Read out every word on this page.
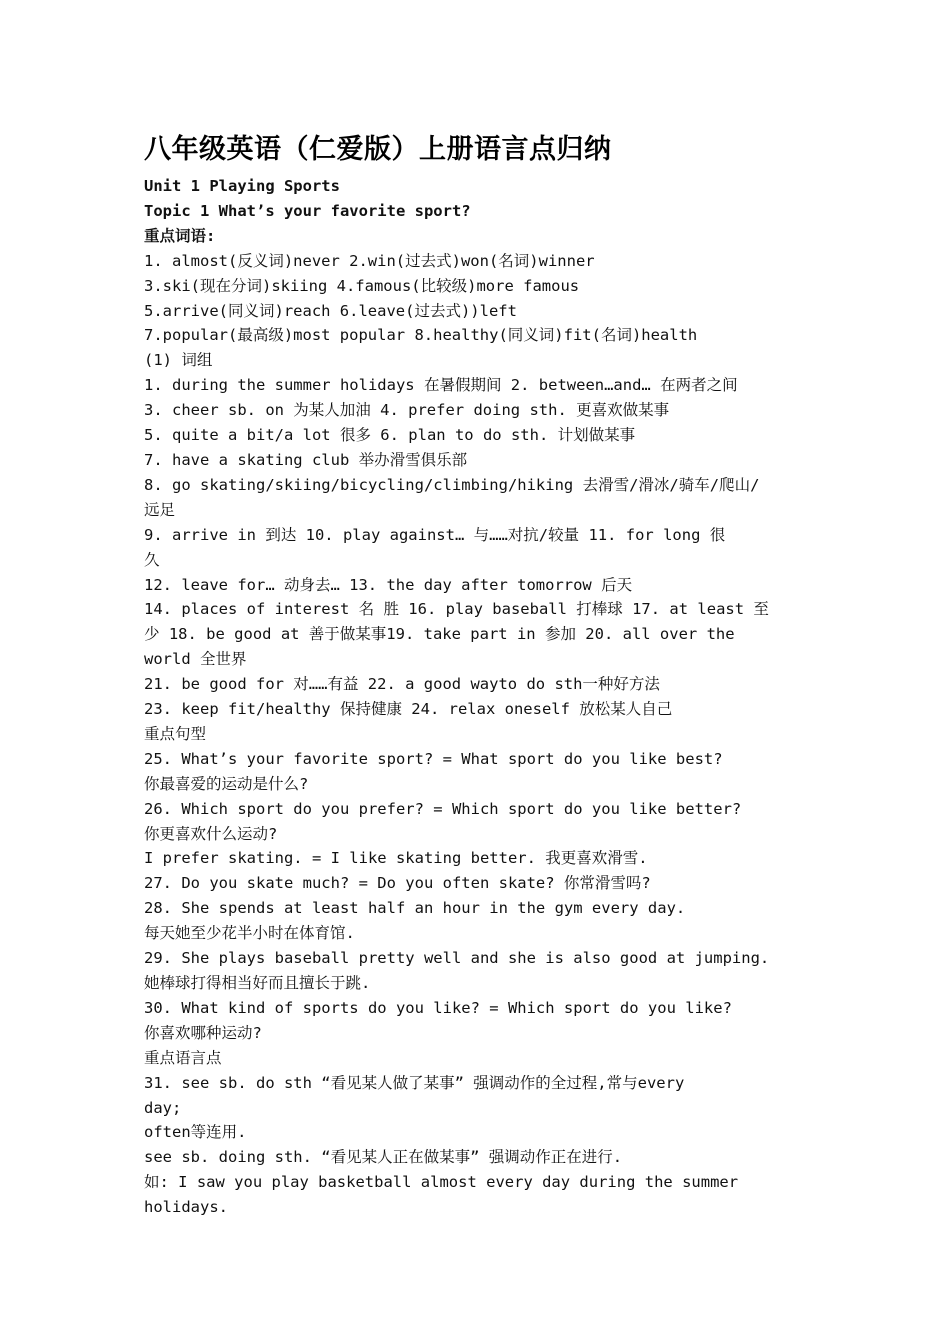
八年级英语（仁爱版）上册语言点归纳
Unit 1 Playing Sports
Topic 1 What’s your favorite sport?
重点词语:
1. almost(反义词)never 2.win(过去式)won(名词)winner
3.ski(现在分词)skiing 4.famous(比较级)more famous
5.arrive(同义词)reach 6.leave(过去式))left
7.popular(最高级)most popular 8.healthy(同义词)fit(名词)health
(1) 词组
1. during the summer holidays 在暑假期间 2. between…and… 在两者之间
3. cheer sb. on 为某人加油 4. prefer doing sth. 更喜欢做某事
5. quite a bit/a lot 很多 6. plan to do sth. 计划做某事
7. have a skating club 举办滑雪俱乐部
8. go skating/skiing/bicycling/climbing/hiking 去滑雪/滑冰/骑车/爬山/
远足
9. arrive in 到达 10. play against… 与……对抗/较量 11. for long 很
久
12. leave for… 动身去… 13. the day after tomorrow 后天
14. places of interest 名 胜 16. play baseball 打棒球 17. at least 至
少 18. be good at 善于做某事19. take part in 参加 20. all over the
world 全世界
21. be good for 对……有益 22. a good wayto do sth一种好方法
23. keep fit/healthy 保持健康 24. relax oneself 放松某人自己
重点句型
25. What’s your favorite sport? = What sport do you like best?
你最喜爱的运动是什么?
26. Which sport do you prefer? = Which sport do you like better?
你更喜欢什么运动?
I prefer skating. = I like skating better. 我更喜欢滑雪.
27. Do you skate much? = Do you often skate? 你常滑雪吗?
28. She spends at least half an hour in the gym every day.
每天她至少花半小时在体育馆.
29. She plays baseball pretty well and she is also good at jumping.
她棒球打得相当好而且擅长于跳.
30. What kind of sports do you like? = Which sport do you like?
你喜欢哪种运动?
重点语言点
31. see sb. do sth “看见某人做了某事” 强调动作的全过程,常与every
day;
often等连用.
see sb. doing sth. “看见某人正在做某事” 强调动作正在进行.
如: I saw you play basketball almost every day during the summer
holidays.
